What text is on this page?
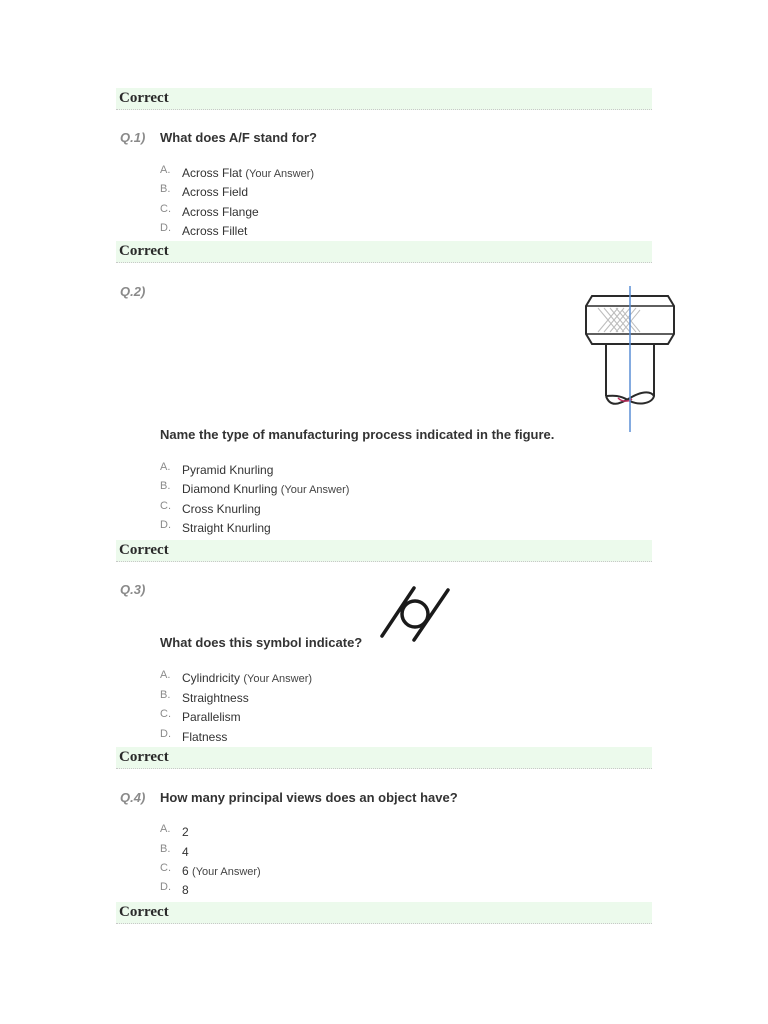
Correct
Q.1) What does A/F stand for?
A. Across Flat (Your Answer)
B. Across Field
C. Across Flange
D. Across Fillet
Correct
Q.2)
Name the type of manufacturing process indicated in the figure.
A. Pyramid Knurling
B. Diamond Knurling (Your Answer)
C. Cross Knurling
D. Straight Knurling
Correct
Q.3)
What does this symbol indicate?
A. Cylindricity (Your Answer)
B. Straightness
C. Parallelism
D. Flatness
Correct
Q.4) How many principal views does an object have?
A. 2
B. 4
C. 6 (Your Answer)
D. 8
Correct
